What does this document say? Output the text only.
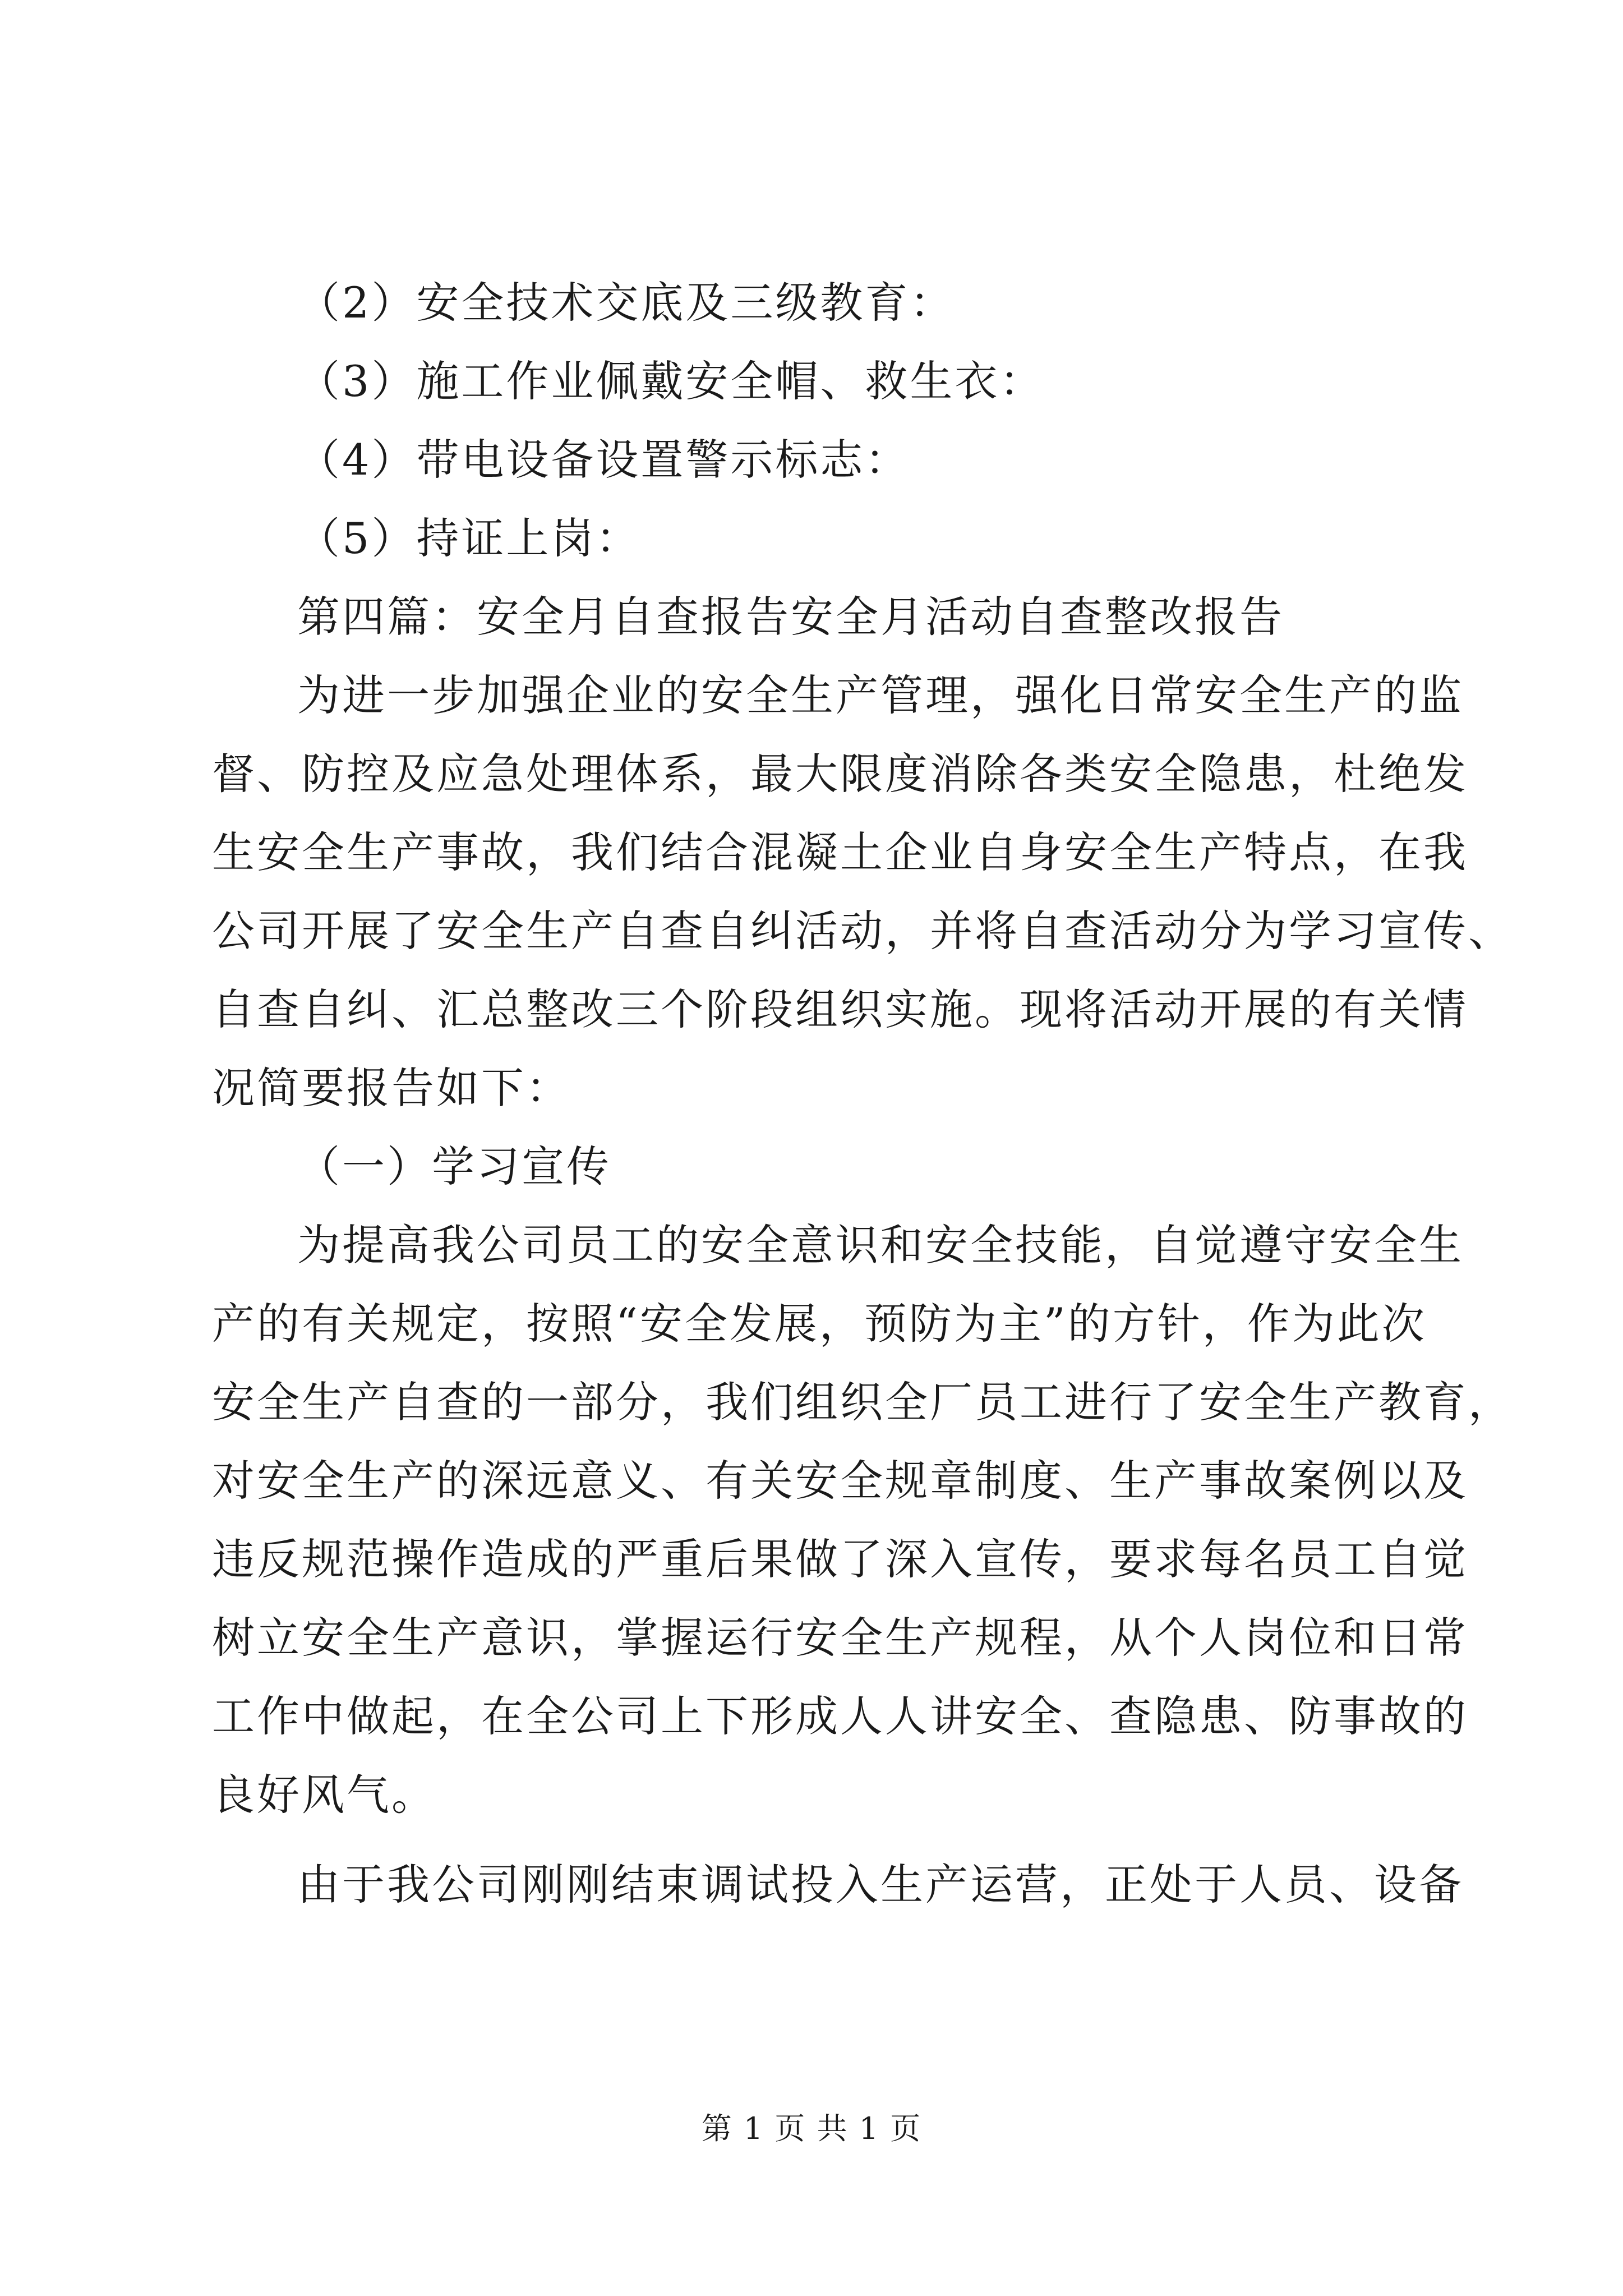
（2）安全技术交底及三级教育：

（3）施工作业佩戴安全帽、救生衣：

（4）带电设备设置警示标志：

（5）持证上岗：

第四篇：安全月自查报告安全月活动自查整改报告

为进一步加强企业的安全生产管理，强化日常安全生产的监
督、防控及应急处理体系，最大限度消除各类安全隐患，杜绝发
生安全生产事故，我们结合混凝土企业自身安全生产特点，在我
公司开展了安全生产自查自纠活动，并将自查活动分为学习宣传、
自查自纠、汇总整改三个阶段组织实施。现将活动开展的有关情
况简要报告如下：

（一）学习宣传

为提高我公司员工的安全意识和安全技能，自觉遵守安全生
产的有关规定，按照“安全发展，预防为主”的方针，作为此次
安全生产自查的一部分，我们组织全厂员工进行了安全生产教育，
对安全生产的深远意义、有关安全规章制度、生产事故案例以及
违反规范操作造成的严重后果做了深入宣传，要求每名员工自觉
树立安全生产意识，掌握运行安全生产规程，从个人岗位和日常
工作中做起，在全公司上下形成人人讲安全、查隐患、防事故的
良好风气。
由于我公司刚刚结束调试投入生产运营，正处于人员、设备
第 1 页 共 1 页
